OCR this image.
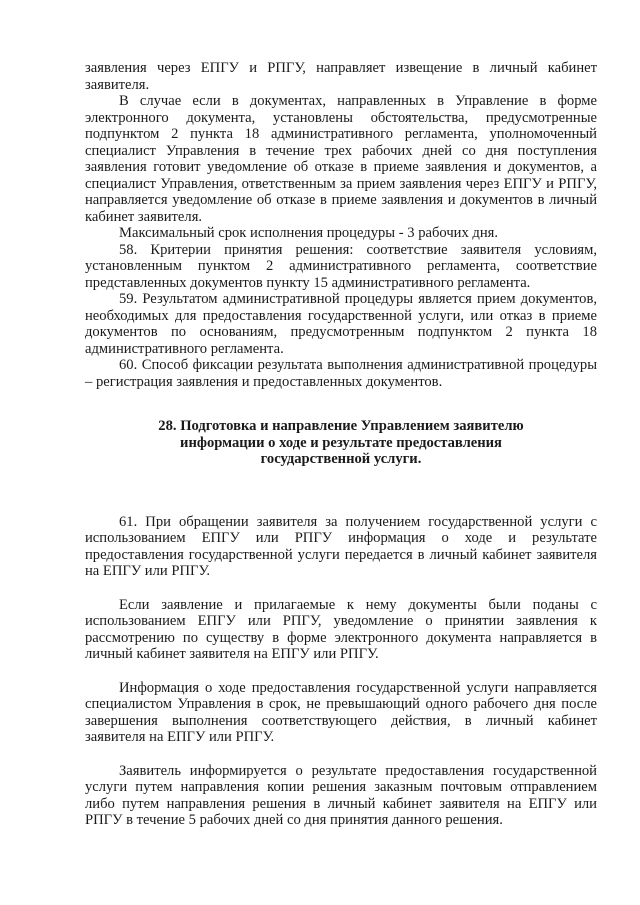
заявления через ЕПГУ и РПГУ, направляет извещение в личный кабинет заявителя.

В случае если в документах, направленных в Управление в форме электронного документа, установлены обстоятельства, предусмотренные подпунктом 2 пункта 18 административного регламента, уполномоченный специалист Управления в течение трех рабочих дней со дня поступления заявления готовит уведомление об отказе в приеме заявления и документов, а специалист Управления, ответственным за прием заявления через ЕПГУ и РПГУ, направляется уведомление об отказе в приеме заявления и документов в личный кабинет заявителя.

Максимальный срок исполнения процедуры - 3 рабочих дня.

58. Критерии принятия решения: соответствие заявителя условиям, установленным пунктом 2 административного регламента, соответствие представленных документов пункту 15 административного регламента.

59. Результатом административной процедуры является прием документов, необходимых для предоставления государственной услуги, или отказ в приеме документов по основаниям, предусмотренным подпунктом 2 пункта 18 административного регламента.

60. Способ фиксации результата выполнения административной процедуры – регистрация заявления и предоставленных документов.

28. Подготовка и направление Управлением заявителю информации о ходе и результате предоставления государственной услуги.

61. При обращении заявителя за получением государственной услуги с использованием ЕПГУ или РПГУ информация о ходе и результате предоставления государственной услуги передается в личный кабинет заявителя на ЕПГУ или РПГУ.

Если заявление и прилагаемые к нему документы были поданы с использованием ЕПГУ или РПГУ, уведомление о принятии заявления к рассмотрению по существу в форме электронного документа направляется в личный кабинет заявителя на ЕПГУ или РПГУ.

Информация о ходе предоставления государственной услуги направляется специалистом Управления в срок, не превышающий одного рабочего дня после завершения выполнения соответствующего действия, в личный кабинет заявителя на ЕПГУ или РПГУ.

Заявитель информируется о результате предоставления государственной услуги путем направления копии решения заказным почтовым отправлением либо путем направления решения в личный кабинет заявителя на ЕПГУ или РПГУ в течение 5 рабочих дней со дня принятия данного решения.
